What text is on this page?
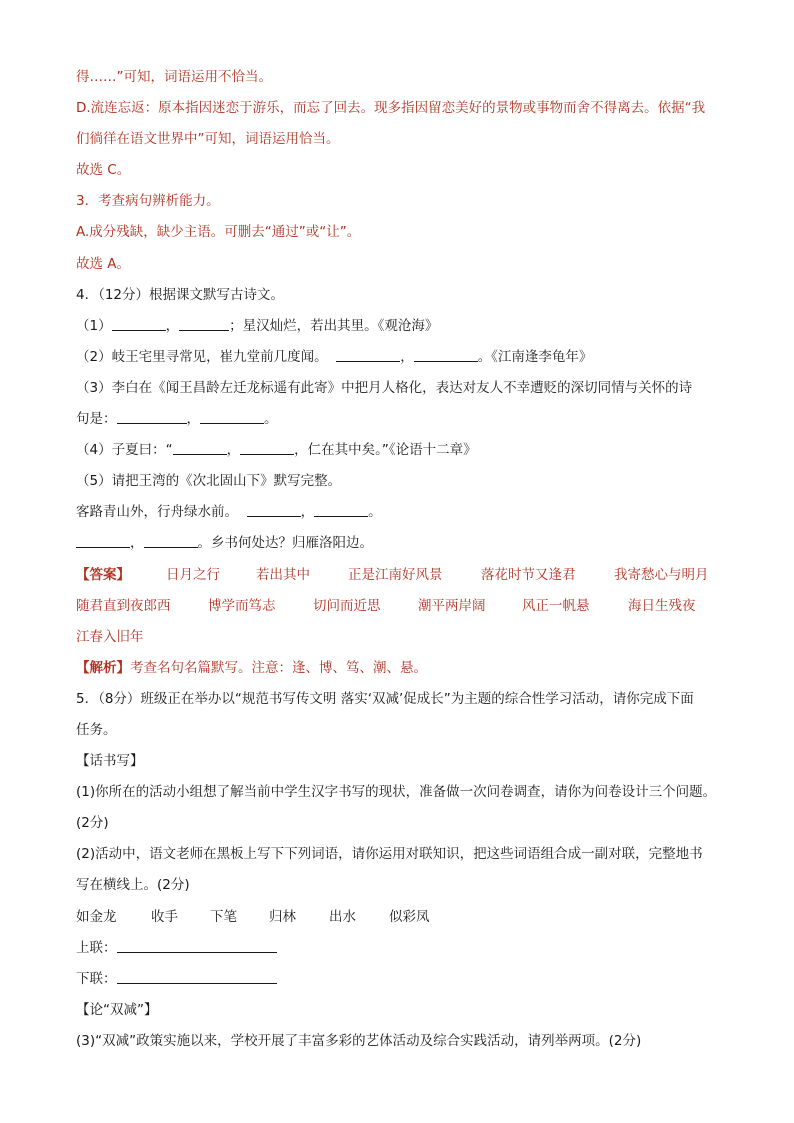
得……”可知，词语运用不恰当。
D.流连忘返：原本指因迷恋于游乐，而忘了回去。现多指因留恋美好的景物或事物而舍不得离去。依据“我
们徜徉在语文世界中”可知，词语运用恰当。
故选 C。
3．考查病句辨析能力。
A.成分残缺，缺少主语。可删去“通过”或“让”。
故选 A。
4．（12分）根据课文默写古诗文。
（1）	，	；星汉灿烂，若出其里。《观沧海》
（2）岐王宅里寻常见，崔九堂前几度闻。	，	。《江南逢李龟年》
（3）李白在《闻王昌龄左迁龙标遥有此寄》中把月人格化，表达对友人不幸遭贬的深切同情与关怀的诗
句是：	，	。
（4）子夏曰：“	，	，仁在其中矣。”《论语十二章》
（5）请把王湾的《次北固山下》默写完整。
客路青山外，行舟绿水前。	，	。
，	。乡书何处达？归雁洛阳边。
【答案】	日月之行	若出其中	正是江南好风景	落花时节又逢君	我寄愁心与明月
随君直到夜郎西	博学而笃志	切问而近思	潮平两岸阔	风正一帆悬	海日生残夜
江春入旧年
【解析】考查名句名篇默写。注意：逢、博、笃、潮、悬。
5．（8分）班级正在举办以“规范书写传文明 落实‘双减’促成长”为主题的综合性学习活动，请你完成下面
任务。
【话书写】
(1)你所在的活动小组想了解当前中学生汉字书写的现状，准备做一次问卷调查，请你为问卷设计三个问题。
(2分)
(2)活动中，语文老师在黑板上写下下列词语，请你运用对联知识，把这些词语组合成一副对联，完整地书
写在横线上。(2分)
如金龙	收手 下笔 归林 出水 似彩凤
上联：
下联：
【论“双减”】
(3)“双减”政策实施以来，学校开展了丰富多彩的艺体活动及综合实践活动，请列举两项。(2分)
